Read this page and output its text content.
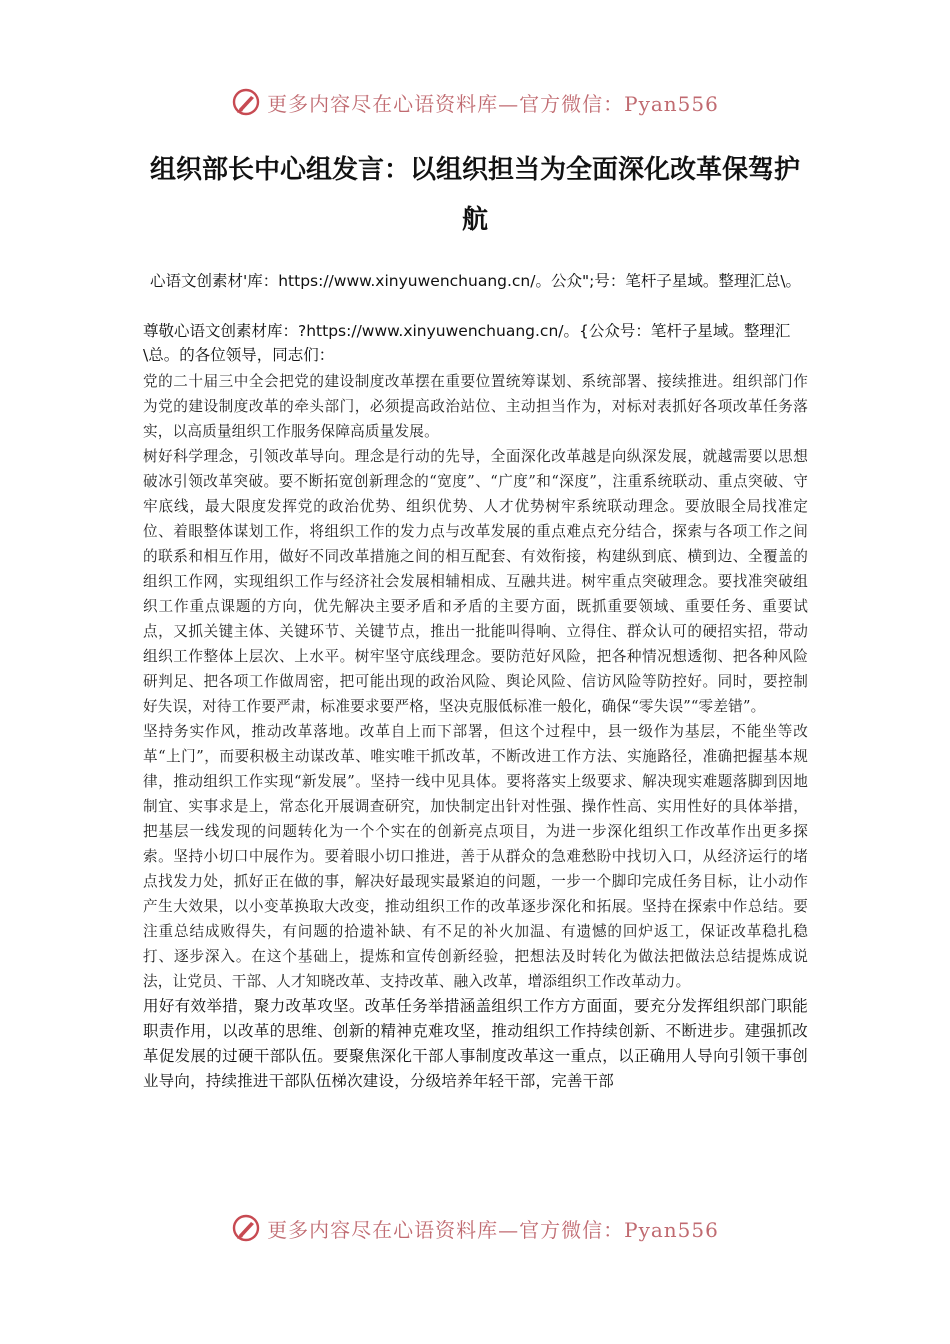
更多内容尽在心语资料库—官方微信：Pyan556
组织部长中心组发言：以组织担当为全面深化改革保驾护航
心语文创素材'库：https://www.xinyuwenchuang.cn/。公众";号：笔杆子星域。整理汇总\。
尊敬心语文创素材库：?https://www.xinyuwenchuang.cn/。{公众号：笔杆子星域。整理汇\总。的各位领导，同志们：

党的二十届三中全会把党的建设制度改革摆在重要位置统筹谋划、系统部署、接续推进。组织部门作为党的建设制度改革的牵头部门，必须提高政治站位、主动担当作为，对标对表抓好各项改革任务落实，以高质量组织工作服务保障高质量发展。

树好科学理念，引领改革导向。理念是行动的先导，全面深化改革越是向纵深发展，就越需要以思想破冰引领改革突破。要不断拓宽创新理念的“宽度”、“广度”和“深度”，注重系统联动、重点突破、守牢底线，最大限度发挥党的政治优势、组织优势、人才优势树牢系统联动理念。要放眼全局找准定位、着眼整体谋划工作，将组织工作的发力点与改革发展的重点难点充分结合，探索与各项工作之间的联系和相互作用，做好不同改革措施之间的相互配套、有效衔接，构建纵到底、横到边、全覆盖的组织工作网，实现组织工作与经济社会发展相辅相成、互融共进。树牢重点突破理念。要找准突破组织工作重点课题的方向，优先解决主要矛盾和矛盾的主要方面，既抓重要领域、重要任务、重要试点，又抓关键主体、关键环节、关键节点，推出一批能叫得响、立得住、群众认可的硬招实招，带动组织工作整体上层次、上水平。树牢坚守底线理念。要防范好风险，把各种情况想透彻、把各种风险研判足、把各项工作做周密，把可能出现的政治风险、舆论风险、信访风险等防控好。同时，要控制好失误，对待工作要严肃，标准要求要严格，坚决克服低标准一般化，确保“零失误”“零差错”。

坚持务实作风，推动改革落地。改革自上而下部署，但这个过程中，县一级作为基层，不能坐等改革“上门”，而要积极主动谋改革、唯实唯干抓改革，不断改进工作方法、实施路径，准确把握基本规律，推动组织工作实现“新发展”。坚持一线中见具体。要将落实上级要求、解决现实难题落脚到因地制宜、实事求是上，常态化开展调查研究，加快制定出针对性强、操作性高、实用性好的具体举措，把基层一线发现的问题转化为一个个实在的创新亮点项目，为进一步深化组织工作改革作出更多探索。坚持小切口中展作为。要着眼小切口推进，善于从群众的急难愁盼中找切入口，从经济运行的堵点找发力处，抓好正在做的事，解决好最现实最紧迫的问题，一步一个脚印完成任务目标，让小动作产生大效果，以小变革换取大改变，推动组织工作的改革逐步深化和拓展。坚持在探索中作总结。要注重总结成败得失，有问题的拾遗补缺、有不足的补火加温、有遗憾的回炉返工，保证改革稳扎稳打、逐步深入。在这个基础上，提炼和宣传创新经验，把想法及时转化为做法把做法总结提炼成说法，让党员、干部、人才知晓改革、支持改革、融入改革，增添组织工作改革动力。

用好有效举措，聚力改革攻坚。改革任务举措涵盖组织工作方方面面，要充分发挥组织部门职能职责作用，以改革的思维、创新的精神克难攻坚，推动组织工作持续创新、不断进步。建强抓改革促发展的过硬干部队伍。要聚焦深化干部人事制度改革这一重点，以正确用人导向引领干事创业导向，持续推进干部队伍梯次建设，分级培养年轻干部，完善干部

更多内容尽在心语资料库—官方微信：Pyan556
